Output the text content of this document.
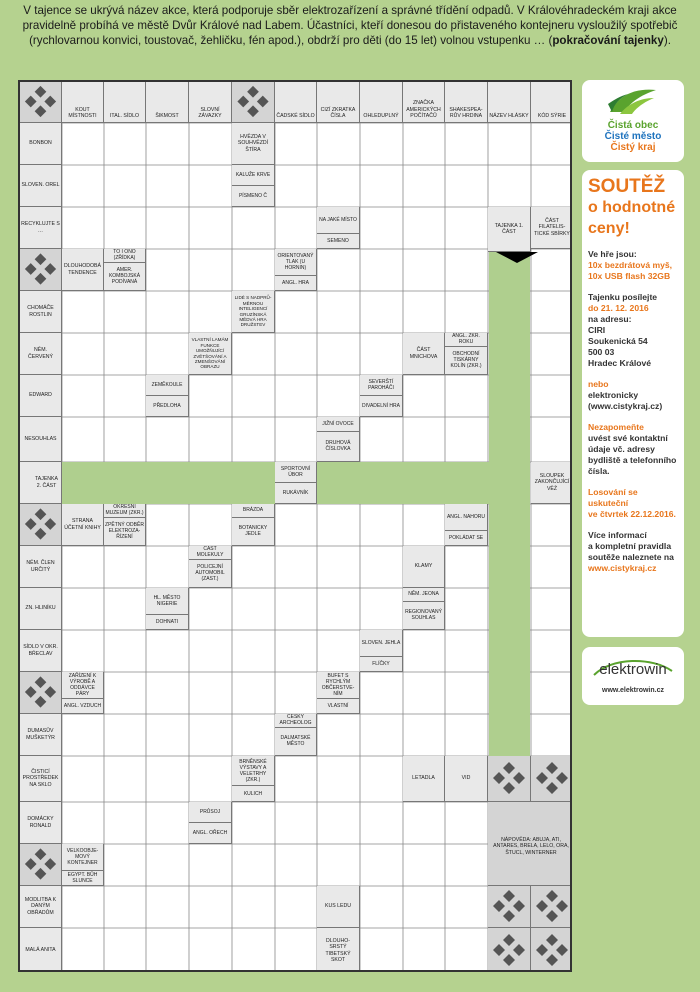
V tajence se ukrývá název akce, která podporuje sběr elektrozařízení a správné třídění odpadů. V Královéhradeckém kraji akce pravidelně probíhá ve městě Dvůr Králové nad Labem. Účastníci, kteří donesou do přistaveného kontejneru vysloužilý spotřebič (rychlovarnou konvici, toustovač, žehličku, fén apod.), obdrží pro děti (do 15 let) volnou vstupenku … (pokračování tajenky).

KOUT MÍSTNOSTI	ITAL. SÍDLO	ŠIKMOST
SLOVNÍ ZÁVAZKY	ČADSKÉ SÍDLO
CIZÍ ZKRATKA ČÍSLA	OHLEDUPLNÝ
ZNAČKA AMERICKÝCH POČÍTAČŮ
SHAKESPEA-RŮV HRDINA	NÁZEV HLÁSKY	KÓD SÝRIE
BONBON
SLOVEN. OREL
RECYKLUJTE S …
CHOMÁČE ROSTLIN
NĚM. ČERVENÝ
EDWARD
NESOUHLAS
TAJENKA 2. ČÁST
NĚM. ČLEN URČITÝ
ZN. HLINÍKU
SÍDLO V OKR. BŘECLAV
DUMASŮV MUŠKETÝR
ČISTICÍ PROSTŘEDEK NA SKLO
DOMÁCKY RONALD
MODLITBA K DANÝM OBŘADŮM
MALÁ ANITA
HVĚZDA V SOUHVĚZDÍ ŠTÍRA
KALUŽE KRVE
PÍSMENO Č
NA JAKÉ MÍSTO
SEMENO
TAJENKA 1. ČÁST
ČÁST FILATELIS-TICKÉ SBÍRKY
DLOUHODOBÁ TENDENCE
TO I ONO (ZŘÍDKA)
AMER. KOMBOJSKÁ PODÍVANÁ
ORIENTOVANÝ TLAK (U HORNIN)
ANGL. HRA
LIDÉ S NADPRŮ-MĚRNOU INTELIGENCÍ GRUZÍNSKÁ MĚDVÁ HRA DRUŽSTEV
VLASTNÍ LAMÁM FUNKCE UMOŽŇUJÍCÍ ZVĚTŠOVÁNÍ A ZMENŠOVÁNÍ OBRAZU
ČÁST MNICHOVA
ANGL. ZKR. ROKU
OBCHODNÍ TISKÁRNY KOLÍN (ZKR.)
ZEMĚKOULE
PŘEDLOHA
SEVERŠTÍ PAROHÁČI
DIVADELNÍ HRA
JIŽNÍ OVOCE
DRUHOVÁ ČÍSLOVKA
SPORTOVNÍ ÚBOR
RUKÁVNÍK
SLOUPEK ZAKONČUJÍCÍ VĚŽ
STRANA ÚČETNÍ KNIHY
OKRESNÍ MUZEUM (ZKR.)
ZPĚTNÝ ODBĚR ELEKTROZA-ŘÍZENÍ
BRÁZDA
BOTANICKY JEDLE
ANGL. NAHORU
POKLÁDAT SE
ČÁST MOLEKULY
POLICEJNÍ AUTOMOBIL (ZAST.)
KLAMY
HL. MĚSTO NIGERIE
DOHNATI
NĚM. JEONA
REGIONOVANÝ SOUHLAS
SLOVEN. JEHLA
FLÍČKY
ZAŘÍZENÍ K VÝROBĚ A ODDÁVCE PÁRY
ANGL. VZDUCH
BUFET S RYCHLÝM OBČERSTVE-NÍM
VLASTNÍ
ČESKÝ ARCHEOLOG
DALMATSKÉ MĚSTO
BRNĚNSKÉ VÝSTAVY A VELETRHY (ZKR.)
KULICH
LETADLA	VID
PRŮSOJ
ANGL. OŘECH
VELKOOBJE-MOVÝ KONTEJNER
EGYPT. BŮH SLUNCE
NÁPOVĚDA: ABUJA, ATI, ANTARES, BRELA, LELO, ORA, ŠTUCL, WINTERNER
KUS LEDU
DLOUHO-SRSTÝ TIBETSKÝ SKOT
Čistá obec
Čisté město
Čistý kraj
SOUTĚŽ
o hodnotné
ceny!
Ve hře jsou:
10x bezdrátová myš,
10x USB flash 32GB
Tajenku posílejte
do 21. 12. 2016
na adresu:
CIRI
Soukenická 54
500 03
Hradec Králové
nebo
elektronicky
(www.cistykraj.cz)
Nezapomeňte
uvést své kontaktní
údaje vč. adresy
bydliště a telefonního
čísla.
Losování se uskuteční
ve čtvrtek 22.12.2016.
Více informací
a kompletní pravidla
soutěže naleznete na
www.cistykraj.cz
elektrowin
www.elektrowin.cz
